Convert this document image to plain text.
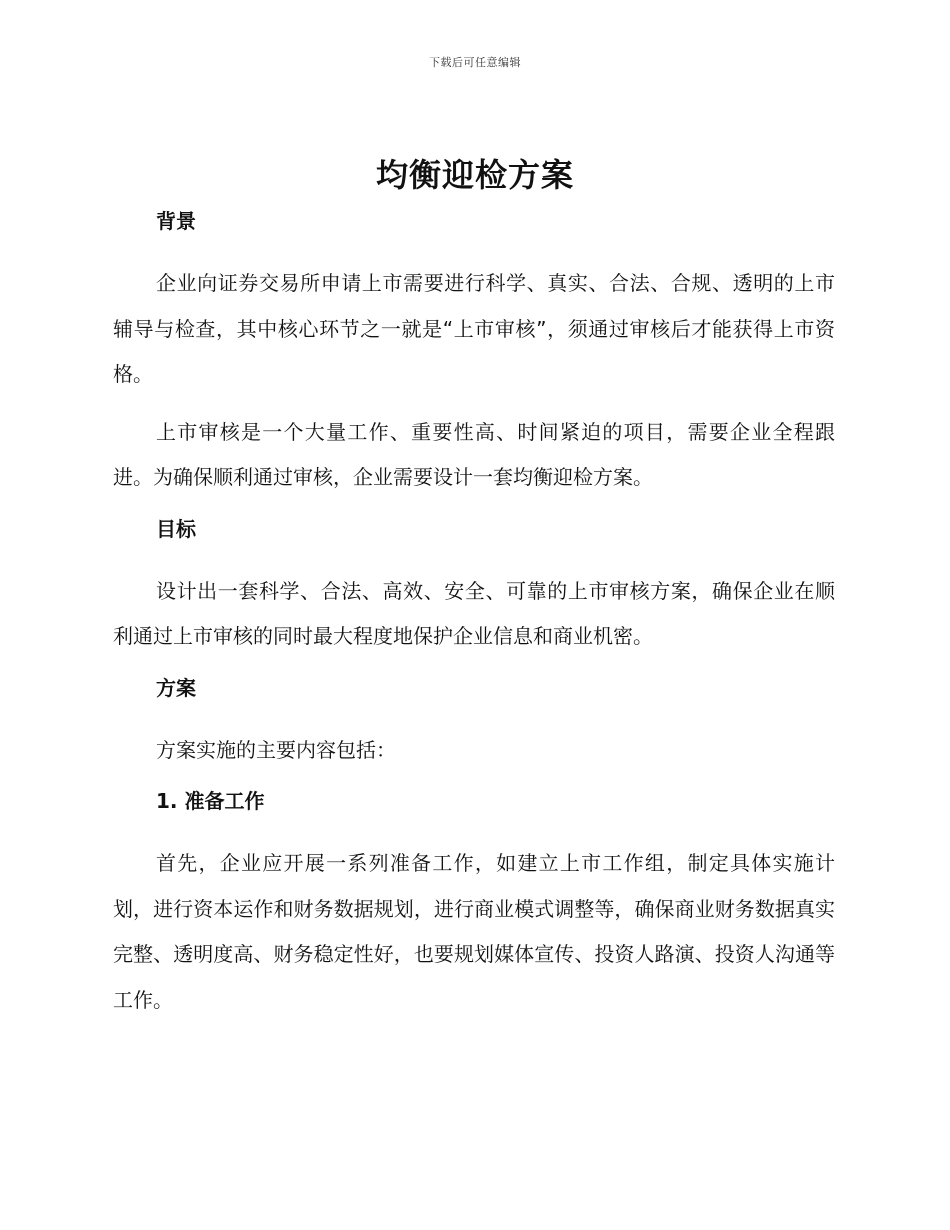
下载后可任意编辑
均衡迎检方案
背景

企业向证券交易所申请上市需要进行科学、真实、合法、合规、透明的上市辅导与检查，其中核心环节之一就是“上市审核”，须通过审核后才能获得上市资格。

上市审核是一个大量工作、重要性高、时间紧迫的项目，需要企业全程跟进。为确保顺利通过审核，企业需要设计一套均衡迎检方案。

目标

设计出一套科学、合法、高效、安全、可靠的上市审核方案，确保企业在顺利通过上市审核的同时最大程度地保护企业信息和商业机密。

方案

方案实施的主要内容包括：

1. 准备工作

首先，企业应开展一系列准备工作，如建立上市工作组，制定具体实施计划，进行资本运作和财务数据规划，进行商业模式调整等，确保商业财务数据真实完整、透明度高、财务稳定性好，也要规划媒体宣传、投资人路演、投资人沟通等工作。
